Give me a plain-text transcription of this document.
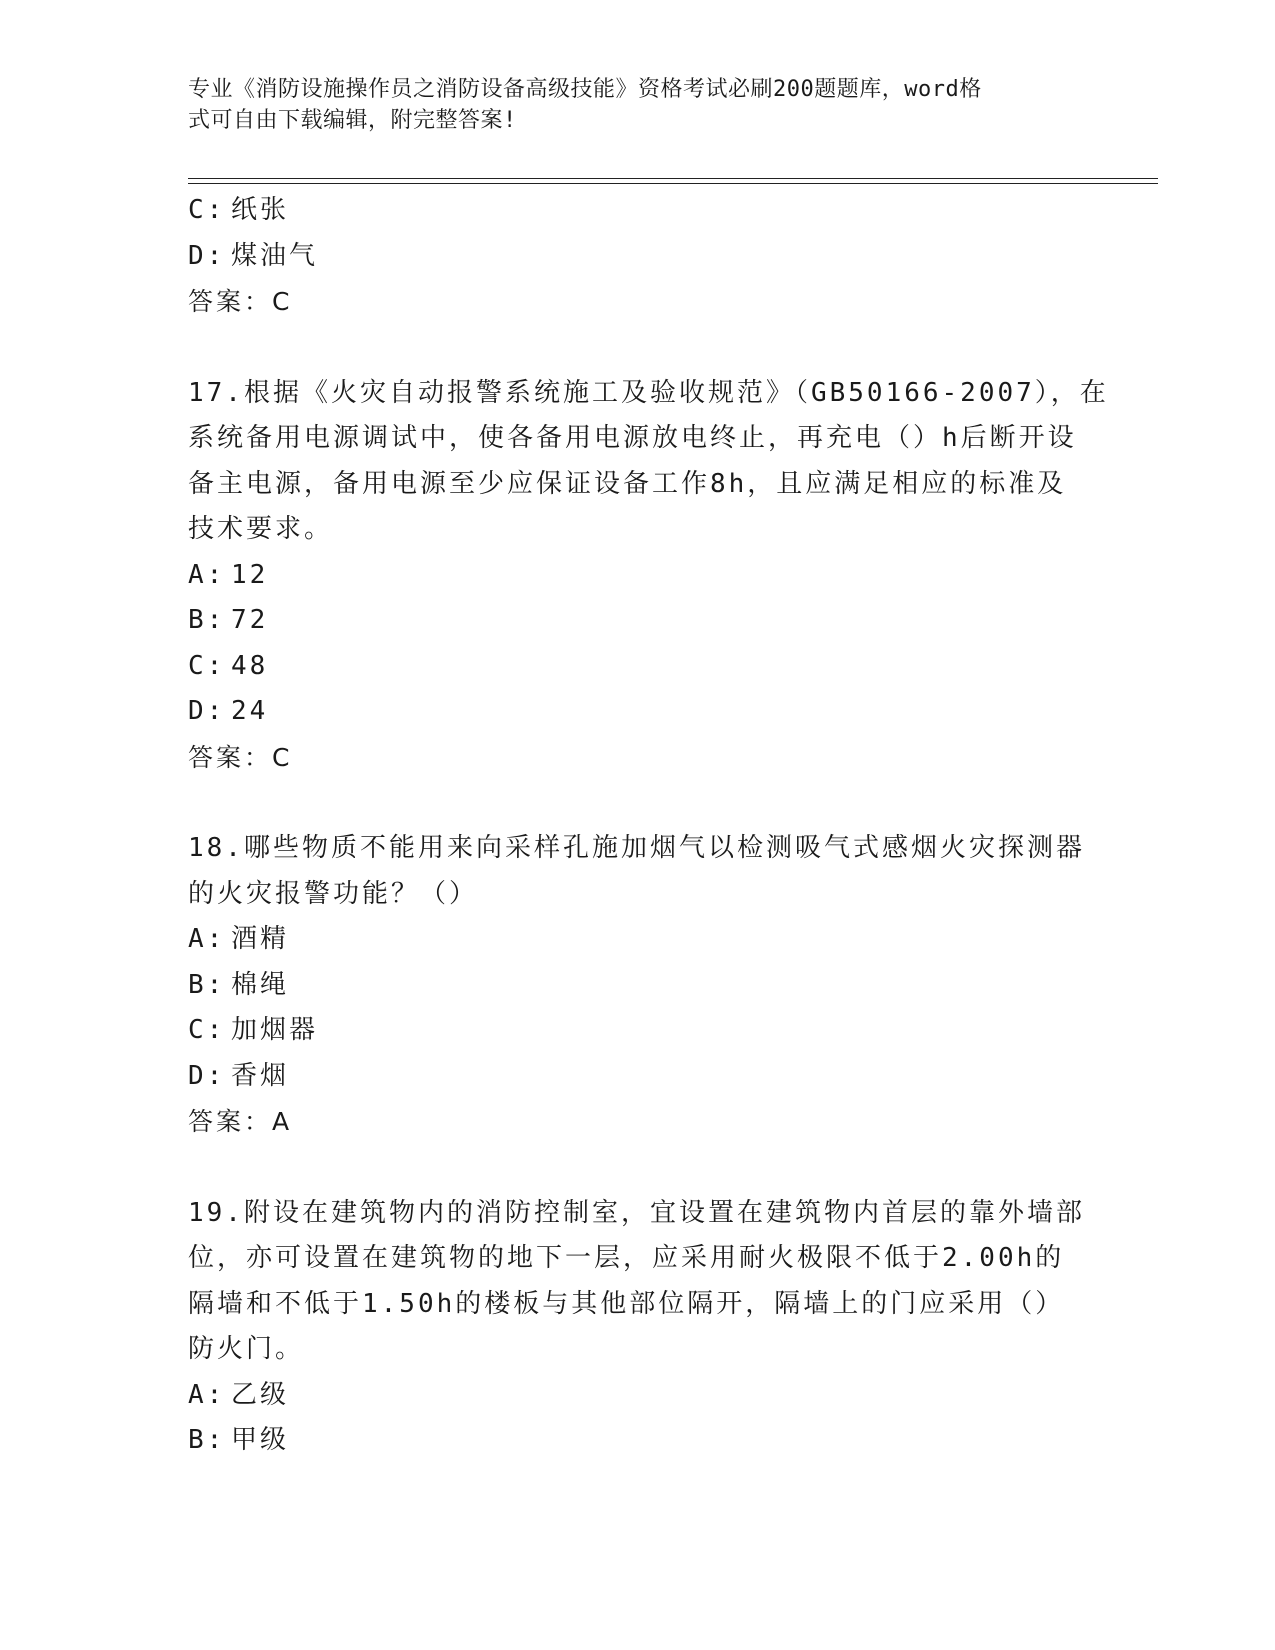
专业《消防设施操作员之消防设备高级技能》资格考试必刷200题题库，word格
式可自由下载编辑，附完整答案!
C: 纸张
D: 煤油气
答案：C
17.根据《火灾自动报警系统施工及验收规范》（GB50166-2007），在
系统备用电源调试中，使各备用电源放电终止，再充电（）h后断开设
备主电源，备用电源至少应保证设备工作8h，且应满足相应的标准及
技术要求。
A: 12
B: 72
C: 48
D: 24
答案：C
18.哪些物质不能用来向采样孔施加烟气以检测吸气式感烟火灾探测器
的火灾报警功能？（）
A: 酒精
B: 棉绳
C: 加烟器
D: 香烟
答案：A
19.附设在建筑物内的消防控制室，宜设置在建筑物内首层的靠外墙部
位，亦可设置在建筑物的地下一层，应采用耐火极限不低于2.00h的
隔墙和不低于1.50h的楼板与其他部位隔开，隔墙上的门应采用（）
防火门。
A: 乙级
B: 甲级
